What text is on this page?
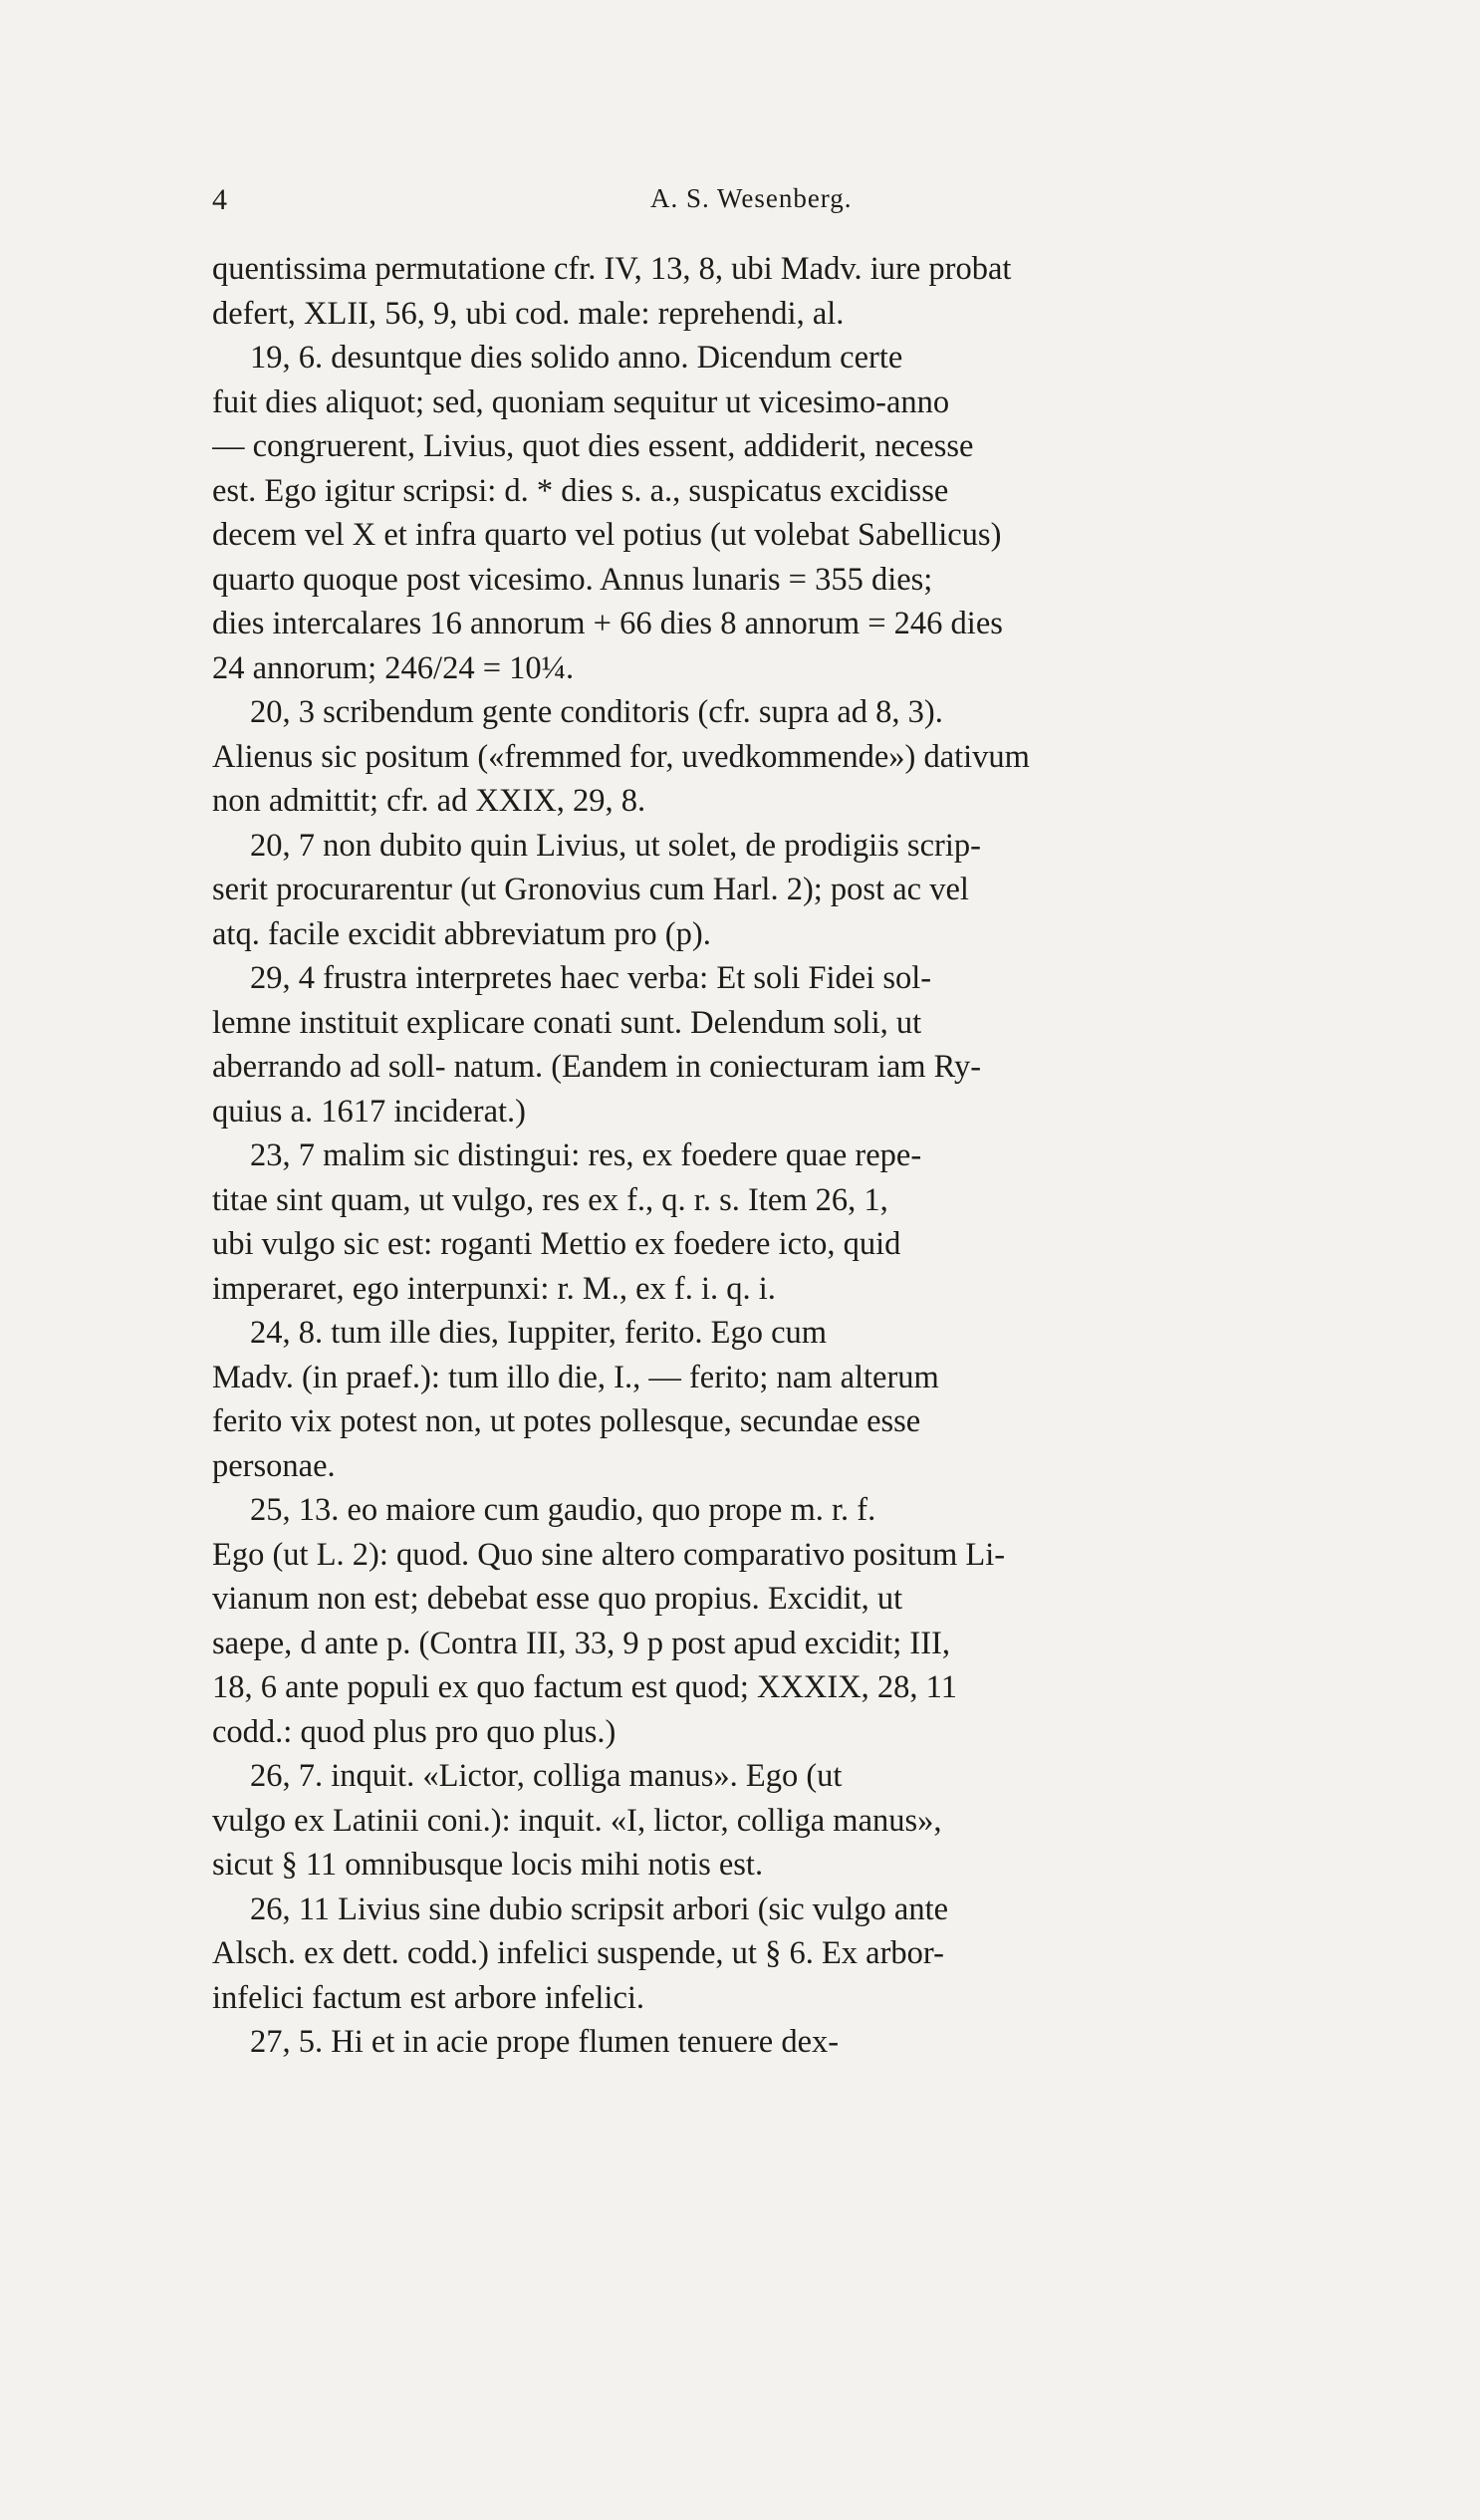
4	A. S. Wesenberg.
quentissima permutatione cfr. IV, 13, 8, ubi Madv. iure probat
defert, XLII, 56, 9, ubi cod. male: reprehendi, al.
19, 6. desuntque dies solido anno. Dicendum certe
fuit dies aliquot; sed, quoniam sequitur ut vicesimo-anno
— congruerent, Livius, quot dies essent, addiderit, necesse
est. Ego igitur scripsi: d. * dies s. a., suspicatus excidisse
decem vel X et infra quarto vel potius (ut volebat Sabellicus)
quarto quoque post vicesimo. Annus lunaris = 355 dies;
dies intercalares 16 annorum + 66 dies 8 annorum = 246 dies
24 annorum; 246/24 = 10¼.
20, 3 scribendum gente conditoris (cfr. supra ad 8, 3).
Alienus sic positum («fremmed for, uvedkommende») dativum
non admittit; cfr. ad XXIX, 29, 8.
20, 7 non dubito quin Livius, ut solet, de prodigiis scrip-
serit procurarentur (ut Gronovius cum Harl. 2); post ac vel
atq. facile excidit abbreviatum pro (p).
29, 4 frustra interpretes haec verba: Et soli Fidei sol-
lemne instituit explicare conati sunt. Delendum soli, ut
aberrando ad soll- natum. (Eandem in coniecturam iam Ry-
quius a. 1617 inciderat.)
23, 7 malim sic distingui: res, ex foedere quae repe-
titae sint quam, ut vulgo, res ex f., q. r. s. Item 26, 1,
ubi vulgo sic est: roganti Mettio ex foedere icto, quid
imperaret, ego interpunxi: r. M., ex f. i. q. i.
24, 8. tum ille dies, Iuppiter, ferito. Ego cum
Madv. (in praef.): tum illo die, I., — ferito; nam alterum
ferito vix potest non, ut potes pollesque, secundae esse
personae.
25, 13. eo maiore cum gaudio, quo prope m. r. f.
Ego (ut L. 2): quod. Quo sine altero comparativo positum Li-
vianum non est; debebat esse quo propius. Excidit, ut
saepe, d ante p. (Contra III, 33, 9 p post apud excidit; III,
18, 6 ante populi ex quo factum est quod; XXXIX, 28, 11
codd.: quod plus pro quo plus.)
26, 7. inquit. «Lictor, colliga manus». Ego (ut
vulgo ex Latinii coni.): inquit. «I, lictor, colliga manus»,
sicut § 11 omnibusque locis mihi notis est.
26, 11 Livius sine dubio scripsit arbori (sic vulgo ante
Alsch. ex dett. codd.) infelici suspende, ut § 6. Ex arbor-
infelici factum est arbore infelici.
27, 5. Hi et in acie prope flumen tenuere dex-
